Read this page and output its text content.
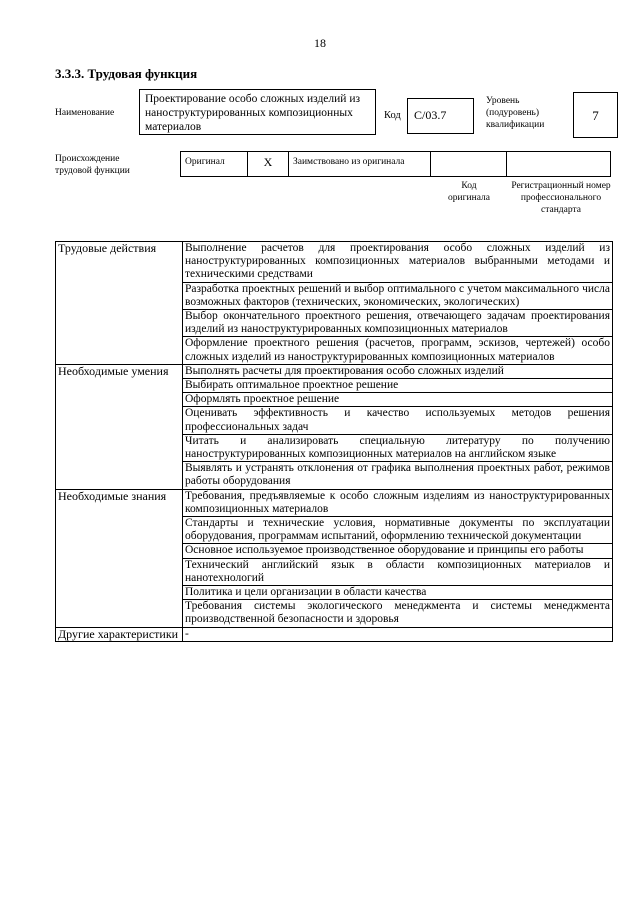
18
3.3.3. Трудовая функция
Наименование
Проектирование особо сложных изделий из наноструктурированных композиционных материалов
Код	C/03.7
Уровень (подуровень) квалификации
7
Происхождение трудовой функции
Оригинал	X	Заимствовано из оригинала
Код оригинала
Регистрационный номер профессионального стандарта
Трудовые действия	Выполнение расчетов для проектирования особо сложных изделий из наноструктурированных композиционных материалов выбранными методами и техническими средствами
	Разработка проектных решений и выбор оптимального с учетом максимального числа возможных факторов (технических, экономических, экологических)
	Выбор окончательного проектного решения, отвечающего задачам проектирования изделий из наноструктурированных композиционных материалов
	Оформление проектного решения (расчетов, программ, эскизов, чертежей) особо сложных изделий из наноструктурированных композиционных материалов
Необходимые умения	Выполнять расчеты для проектирования особо сложных изделий
	Выбирать оптимальное проектное решение
	Оформлять проектное решение
	Оценивать эффективность и качество используемых методов решения профессиональных задач
	Читать и анализировать специальную литературу по получению наноструктурированных композиционных материалов на английском языке
	Выявлять и устранять отклонения от графика выполнения проектных работ, режимов работы оборудования
Необходимые знания	Требования, предъявляемые к особо сложным изделиям из наноструктурированных композиционных материалов
	Стандарты и технические условия, нормативные документы по эксплуатации оборудования, программам испытаний, оформлению технической документации
	Основное используемое производственное оборудование и принципы его работы
	Технический английский язык в области композиционных материалов и нанотехнологий
	Политика и цели организации в области качества
	Требования системы экологического менеджмента и системы менеджмента производственной безопасности и здоровья
Другие характеристики	-
